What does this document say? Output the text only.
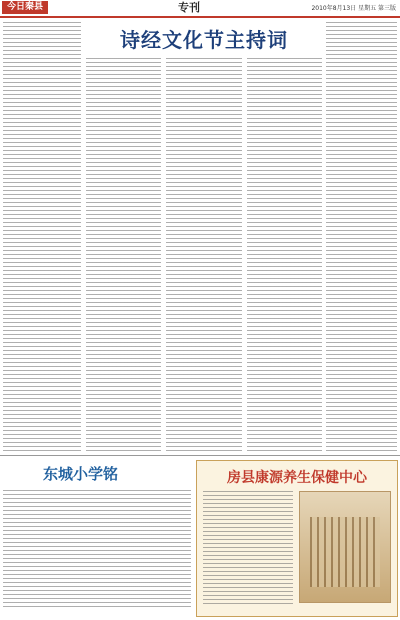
今日秦县	专刊	2010年8月13日 星期五 第三版
诗经文化节主持词
东城小学铭	房县康源养生保健中心
